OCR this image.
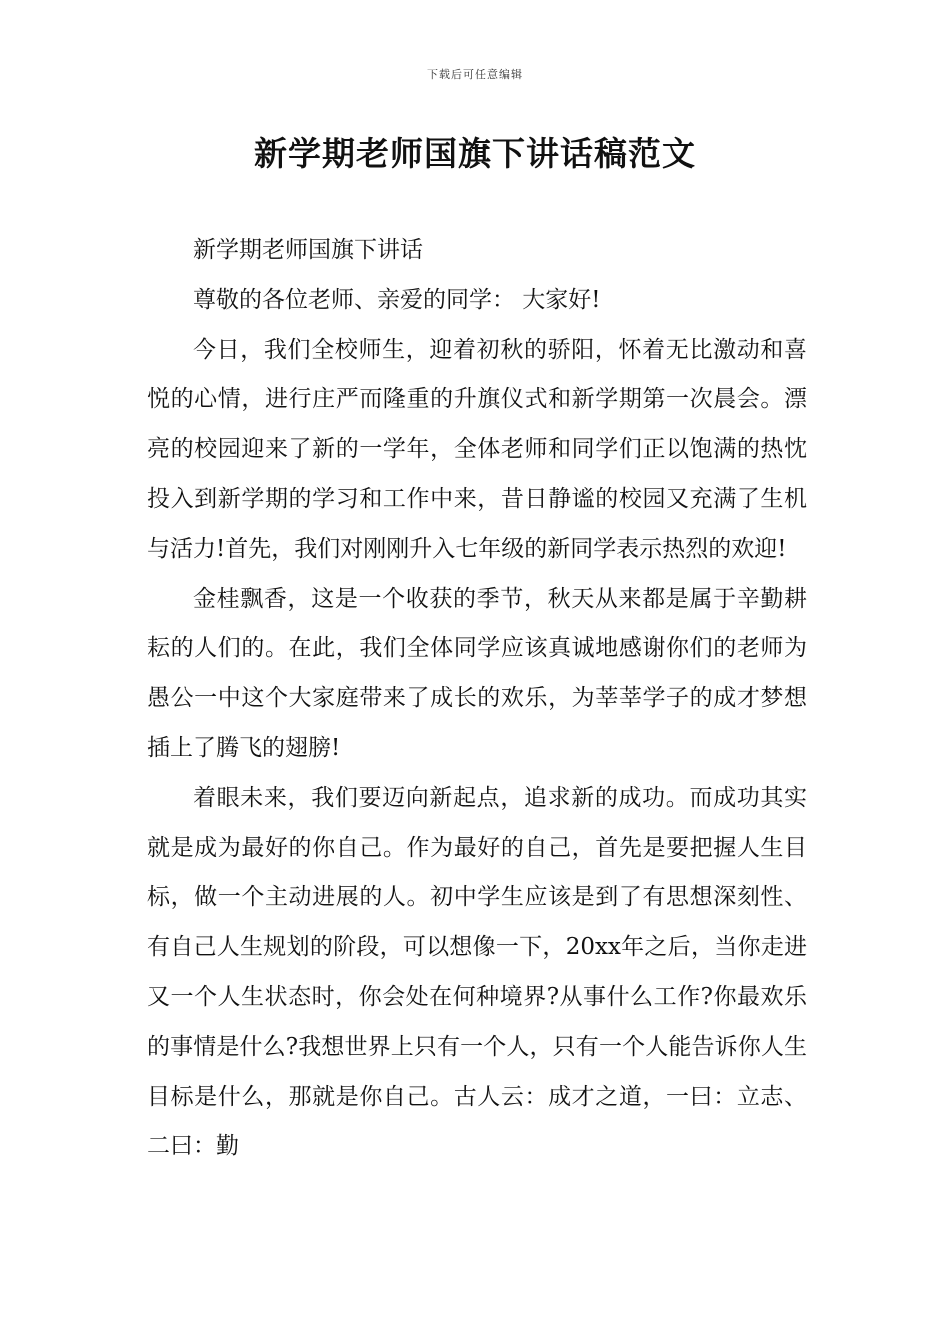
下载后可任意编辑
新学期老师国旗下讲话稿范文

新学期老师国旗下讲话

尊敬的各位老师、亲爱的同学： 大家好!

今日，我们全校师生，迎着初秋的骄阳，怀着无比激动和喜悦的心情，进行庄严而隆重的升旗仪式和新学期第一次晨会。漂亮的校园迎来了新的一学年，全体老师和同学们正以饱满的热忱投入到新学期的学习和工作中来，昔日静谧的校园又充满了生机与活力!首先，我们对刚刚升入七年级的新同学表示热烈的欢迎!

金桂飘香，这是一个收获的季节，秋天从来都是属于辛勤耕耘的人们的。在此，我们全体同学应该真诚地感谢你们的老师为愚公一中这个大家庭带来了成长的欢乐，为莘莘学子的成才梦想插上了腾飞的翅膀!

着眼未来，我们要迈向新起点，追求新的成功。而成功其实就是成为最好的你自己。作为最好的自己，首先是要把握人生目标，做一个主动进展的人。初中学生应该是到了有思想深刻性、有自己人生规划的阶段，可以想像一下，20xx年之后，当你走进又一个人生状态时，你会处在何种境界?从事什么工作?你最欢乐的事情是什么?我想世界上只有一个人，只有一个人能告诉你人生目标是什么，那就是你自己。古人云：成才之道，一曰：立志、二曰：勤
